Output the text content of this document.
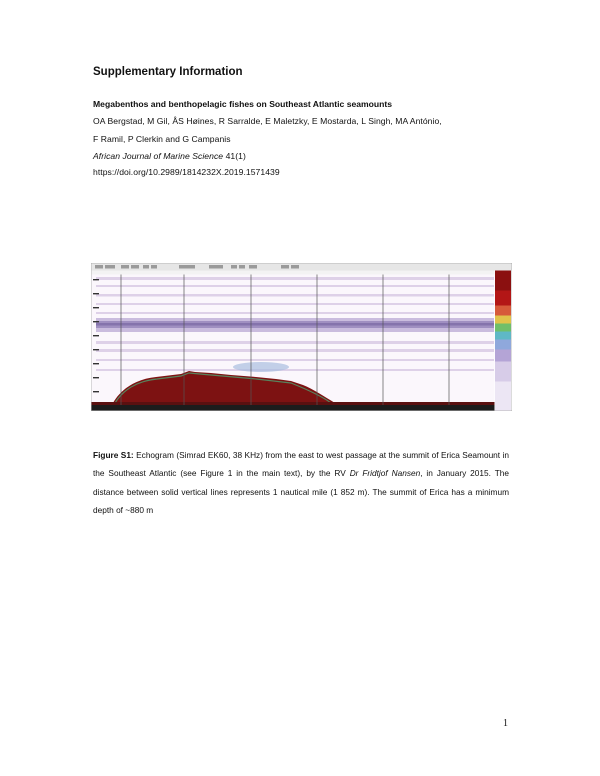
Supplementary Information
Megabenthos and benthopelagic fishes on Southeast Atlantic seamounts
OA Bergstad, M Gil, ÅS Høines, R Sarralde, E Maletzky, E Mostarda, L Singh, MA António,
F Ramil, P Clerkin and G Campanis
African Journal of Marine Science 41(1)
https://doi.org/10.2989/1814232X.2019.1571439
Figure S1: Echogram (Simrad EK60, 38 KHz) from the east to west passage at the summit of Erica Seamount in the Southeast Atlantic (see Figure 1 in the main text), by the RV Dr Fridtjof Nansen, in January 2015. The distance between solid vertical lines represents 1 nautical mile (1 852 m). The summit of Erica has a minimum depth of ~880 m
1
